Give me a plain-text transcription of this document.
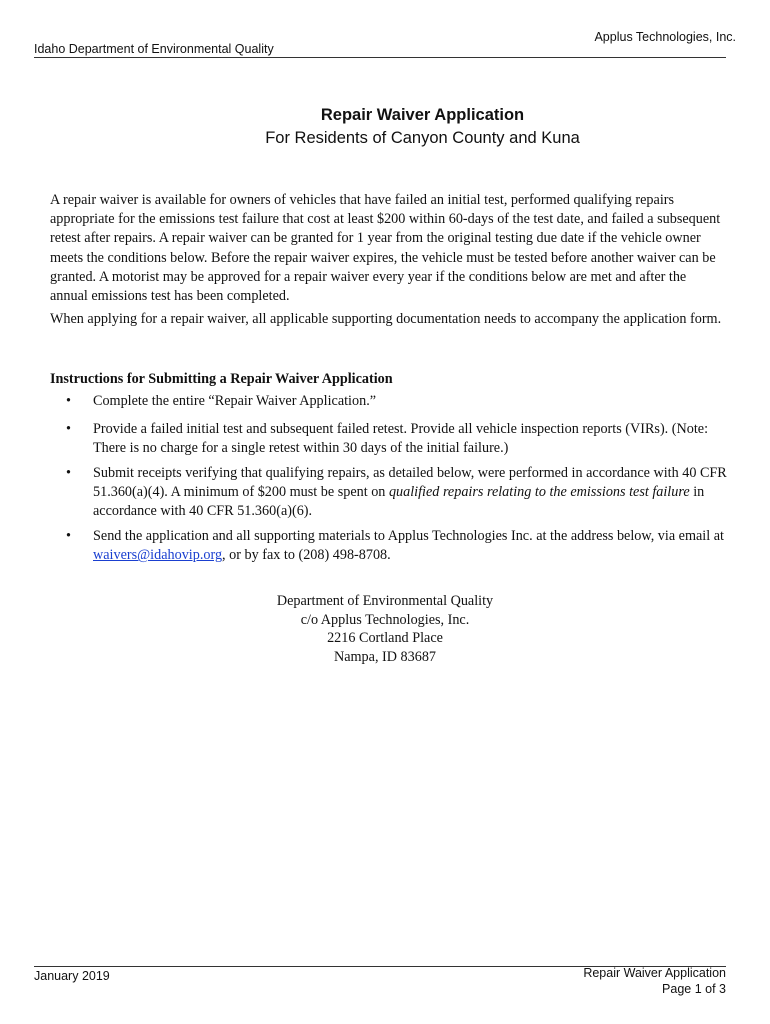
Applus Technologies, Inc.
Idaho Department of Environmental Quality
Repair Waiver Application
For Residents of Canyon County and Kuna
A repair waiver is available for owners of vehicles that have failed an initial test, performed qualifying repairs appropriate for the emissions test failure that cost at least $200 within 60-days of the test date, and failed a subsequent retest after repairs. A repair waiver can be granted for 1 year from the original testing due date if the vehicle owner meets the conditions below. Before the repair waiver expires, the vehicle must be tested before another waiver can be granted. A motorist may be approved for a repair waiver every year if the conditions below are met and after the annual emissions test has been completed.
When applying for a repair waiver, all applicable supporting documentation needs to accompany the application form.
Instructions for Submitting a Repair Waiver Application
• Complete the entire “Repair Waiver Application.”
• Provide a failed initial test and subsequent failed retest. Provide all vehicle inspection reports (VIRs). (Note: There is no charge for a single retest within 30 days of the initial failure.)
• Submit receipts verifying that qualifying repairs, as detailed below, were performed in accordance with 40 CFR 51.360(a)(4). A minimum of $200 must be spent on qualified repairs relating to the emissions test failure in accordance with 40 CFR 51.360(a)(6).
• Send the application and all supporting materials to Applus Technologies Inc. at the address below, via email at waivers@idahovip.org, or by fax to (208) 498-8708.
Department of Environmental Quality
c/o Applus Technologies, Inc.
2216 Cortland Place
Nampa, ID 83687
January 2019	Repair Waiver Application
Page 1 of 3
